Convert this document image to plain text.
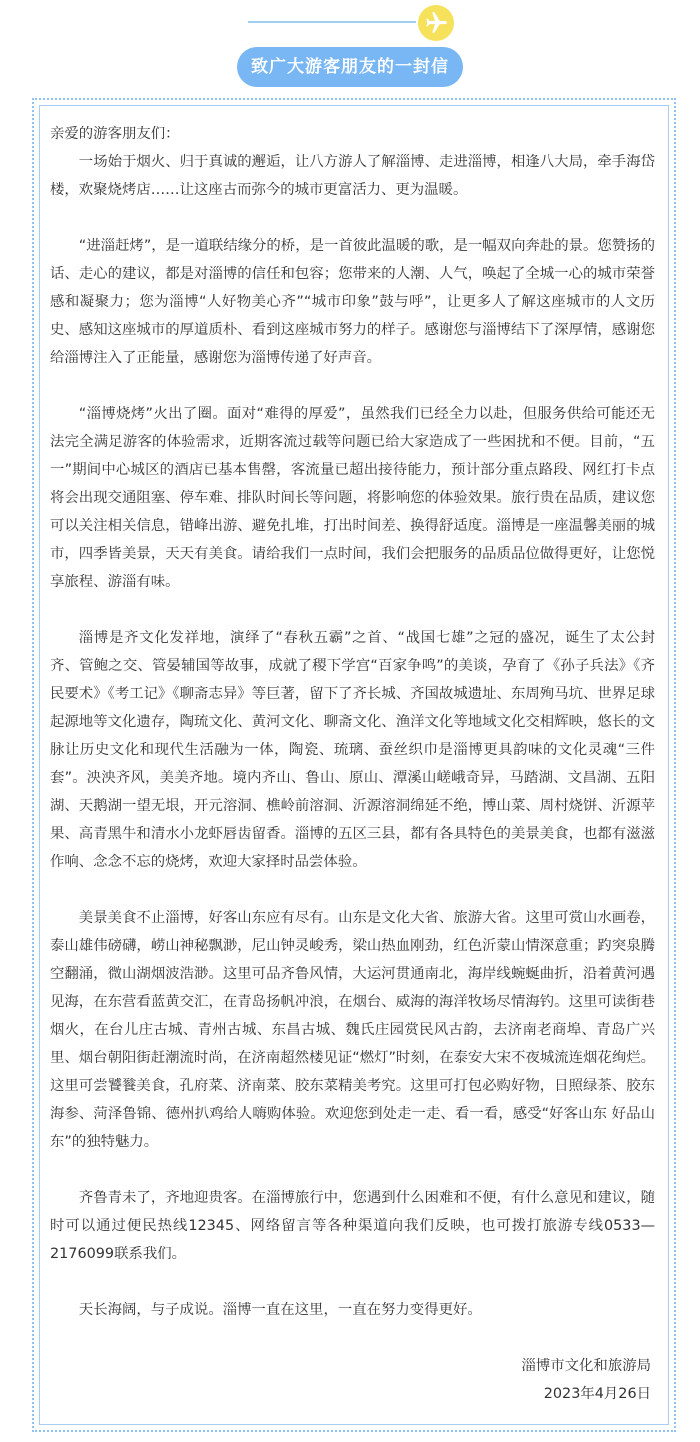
致广大游客朋友的一封信

亲爱的游客朋友们：

一场始于烟火、归于真诚的邂逅，让八方游人了解淄博、走进淄博，相逢八大局，牵手海岱楼，欢聚烧烤店……让这座古而弥今的城市更富活力、更为温暖。

“进淄赶烤”，是一道联结缘分的桥，是一首彼此温暖的歌，是一幅双向奔赴的景。您赞扬的话、走心的建议，都是对淄博的信任和包容；您带来的人潮、人气，唤起了全城一心的城市荣誉感和凝聚力；您为淄博“人好物美心齐”“城市印象”鼓与呼”，让更多人了解这座城市的人文历史、感知这座城市的厚道质朴、看到这座城市努力的样子。感谢您与淄博结下了深厚情，感谢您给淄博注入了正能量，感谢您为淄博传递了好声音。

“淄博烧烤”火出了圈。面对“难得的厚爱”，虽然我们已经全力以赴，但服务供给可能还无法完全满足游客的体验需求，近期客流过载等问题已给大家造成了一些困扰和不便。目前，“五一”期间中心城区的酒店已基本售罄，客流量已超出接待能力，预计部分重点路段、网红打卡点将会出现交通阻塞、停车难、排队时间长等问题，将影响您的体验效果。旅行贵在品质，建议您可以关注相关信息，错峰出游、避免扎堆，打出时间差、换得舒适度。淄博是一座温馨美丽的城市，四季皆美景，天天有美食。请给我们一点时间，我们会把服务的品质品位做得更好，让您悦享旅程、游淄有味。

淄博是齐文化发祥地，演绎了“春秋五霸”之首、“战国七雄”之冠的盛况，诞生了太公封齐、管鲍之交、管晏辅国等故事，成就了稷下学宫“百家争鸣”的美谈，孕育了《孙子兵法》《齐民要术》《考工记》《聊斋志异》等巨著，留下了齐长城、齐国故城遗址、东周殉马坑、世界足球起源地等文化遗存，陶琉文化、黄河文化、聊斋文化、渔洋文化等地域文化交相辉映，悠长的文脉让历史文化和现代生活融为一体，陶瓷、琉璃、蚕丝织巾是淄博更具韵味的文化灵魂“三件套”。泱泱齐风，美美齐地。境内齐山、鲁山、原山、潭溪山嵯峨奇异，马踏湖、文昌湖、五阳湖、天鹅湖一望无垠，开元溶洞、樵岭前溶洞、沂源溶洞绵延不绝，博山菜、周村烧饼、沂源苹果、高青黑牛和清水小龙虾唇齿留香。淄博的五区三县，都有各具特色的美景美食，也都有滋滋作响、念念不忘的烧烤，欢迎大家择时品尝体验。

美景美食不止淄博，好客山东应有尽有。山东是文化大省、旅游大省。这里可赏山水画卷，泰山雄伟磅礴，崂山神秘飘渺，尼山钟灵峻秀，梁山热血刚劲，红色沂蒙山情深意重；趵突泉腾空翻涌，微山湖烟波浩渺。这里可品齐鲁风情，大运河贯通南北，海岸线蜿蜒曲折，沿着黄河遇见海，在东营看蓝黄交汇，在青岛扬帆冲浪，在烟台、威海的海洋牧场尽情海钓。这里可读街巷烟火，在台儿庄古城、青州古城、东昌古城、魏氏庄园赏民风古韵，去济南老商埠、青岛广兴里、烟台朝阳街赶潮流时尚，在济南超然楼见证“燃灯”时刻，在泰安大宋不夜城流连烟花绚烂。这里可尝饕餮美食，孔府菜、济南菜、胶东菜精美考究。这里可打包必购好物，日照绿茶、胶东海参、菏泽鲁锦、德州扒鸡给人嗨购体验。欢迎您到处走一走、看一看，感受“好客山东 好品山东”的独特魅力。

齐鲁青未了，齐地迎贵客。在淄博旅行中，您遇到什么困难和不便，有什么意见和建议，随时可以通过便民热线12345、网络留言等各种渠道向我们反映，也可拨打旅游专线0533—2176099联系我们。

天长海阔，与子成说。淄博一直在这里，一直在努力变得更好。

淄博市文化和旅游局

2023年4月26日
